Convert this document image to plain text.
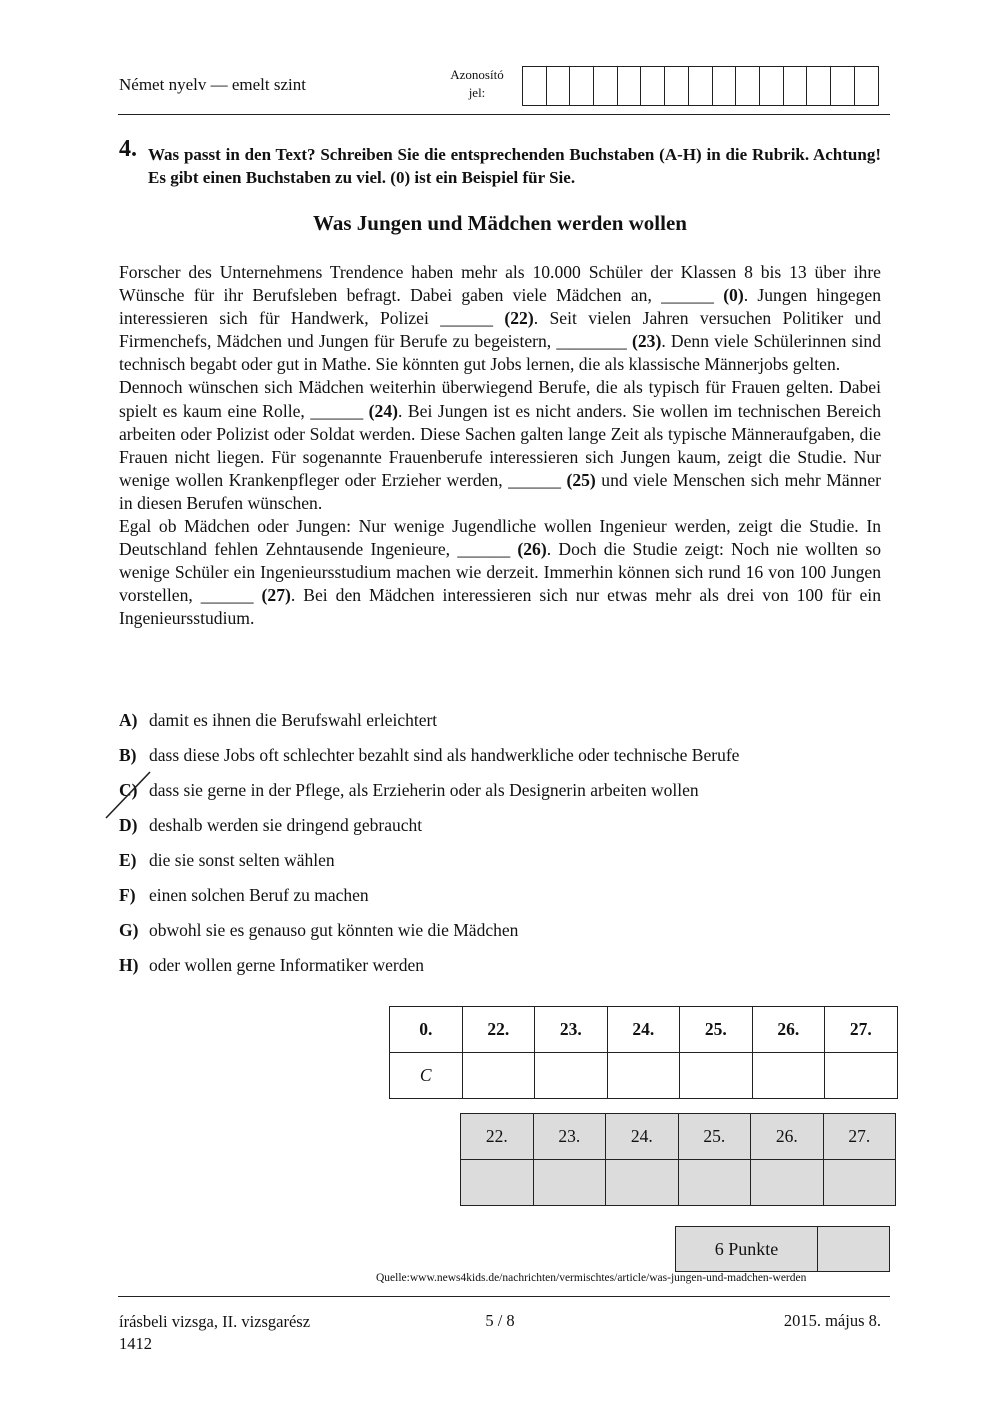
Német nyelv — emelt szint
Azonosító
jel:
4. Was passt in den Text? Schreiben Sie die entsprechenden Buchstaben (A-H) in die Rubrik. Achtung! Es gibt einen Buchstaben zu viel. (0) ist ein Beispiel für Sie.
Was Jungen und Mädchen werden wollen

Forscher des Unternehmens Trendence haben mehr als 10.000 Schüler der Klassen 8 bis 13 über ihre Wünsche für ihr Berufsleben befragt. Dabei gaben viele Mädchen an, ______ (0). Jungen hingegen interessieren sich für Handwerk, Polizei ______ (22). Seit vielen Jahren versuchen Politiker und Firmenchefs, Mädchen und Jungen für Berufe zu begeistern, ________ (23). Denn viele Schülerinnen sind technisch begabt oder gut in Mathe. Sie könnten gut Jobs lernen, die als klassische Männerjobs gelten.

Dennoch wünschen sich Mädchen weiterhin überwiegend Berufe, die als typisch für Frauen gelten. Dabei spielt es kaum eine Rolle, ______ (24). Bei Jungen ist es nicht anders. Sie wollen im technischen Bereich arbeiten oder Polizist oder Soldat werden. Diese Sachen galten lange Zeit als typische Männeraufgaben, die Frauen nicht liegen. Für sogenannte Frauenberufe interessieren sich Jungen kaum, zeigt die Studie. Nur wenige wollen Krankenpfleger oder Erzieher werden, ______ (25) und viele Menschen sich mehr Männer in diesen Berufen wünschen.

Egal ob Mädchen oder Jungen: Nur wenige Jugendliche wollen Ingenieur werden, zeigt die Studie. In Deutschland fehlen Zehntausende Ingenieure, ______ (26). Doch die Studie zeigt: Noch nie wollten so wenige Schüler ein Ingenieursstudium machen wie derzeit. Immerhin können sich rund 16 von 100 Jungen vorstellen, ______ (27). Bei den Mädchen interessieren sich nur etwas mehr als drei von 100 für ein Ingenieursstudium.

A) damit es ihnen die Berufswahl erleichtert
B) dass diese Jobs oft schlechter bezahlt sind als handwerkliche oder technische Berufe
C) dass sie gerne in der Pflege, als Erzieherin oder als Designerin arbeiten wollen
D) deshalb werden sie dringend gebraucht
E) die sie sonst selten wählen
F) einen solchen Beruf zu machen
G) obwohl sie es genauso gut könnten wie die Mädchen
H) oder wollen gerne Informatiker werden
0.	22.	23.	24.	25.	26.	27.
C						
22.	23.	24.	25.	26.	27.

6 Punkte	
Quelle:www.news4kids.de/nachrichten/vermischtes/article/was-jungen-und-madchen-werden
írásbeli vizsga, II. vizsgarész
1412
5 / 8	2015. május 8.
